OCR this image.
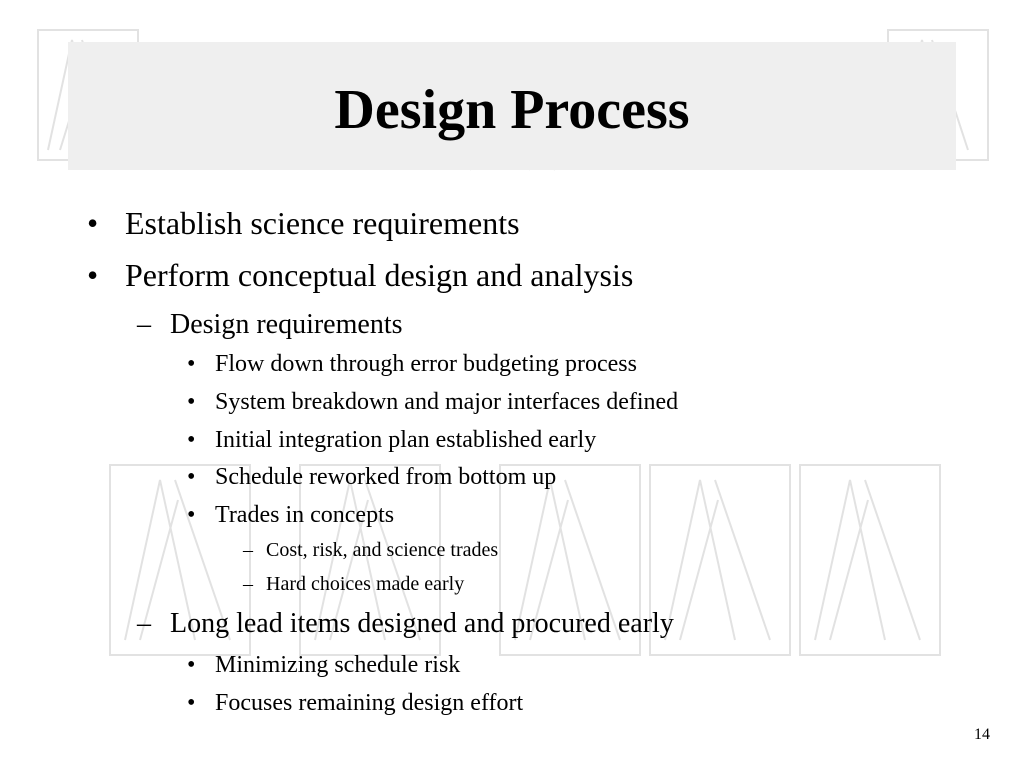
Design Process
• Establish science requirements
• Perform conceptual design and analysis
– Design requirements
• Flow down through error budgeting process
• System breakdown and major interfaces defined
• Initial integration plan established early
• Schedule reworked from bottom up
• Trades in concepts
– Cost, risk, and science trades
– Hard choices made early
– Long lead items designed and procured early
• Minimizing schedule risk
• Focuses remaining design effort
14
